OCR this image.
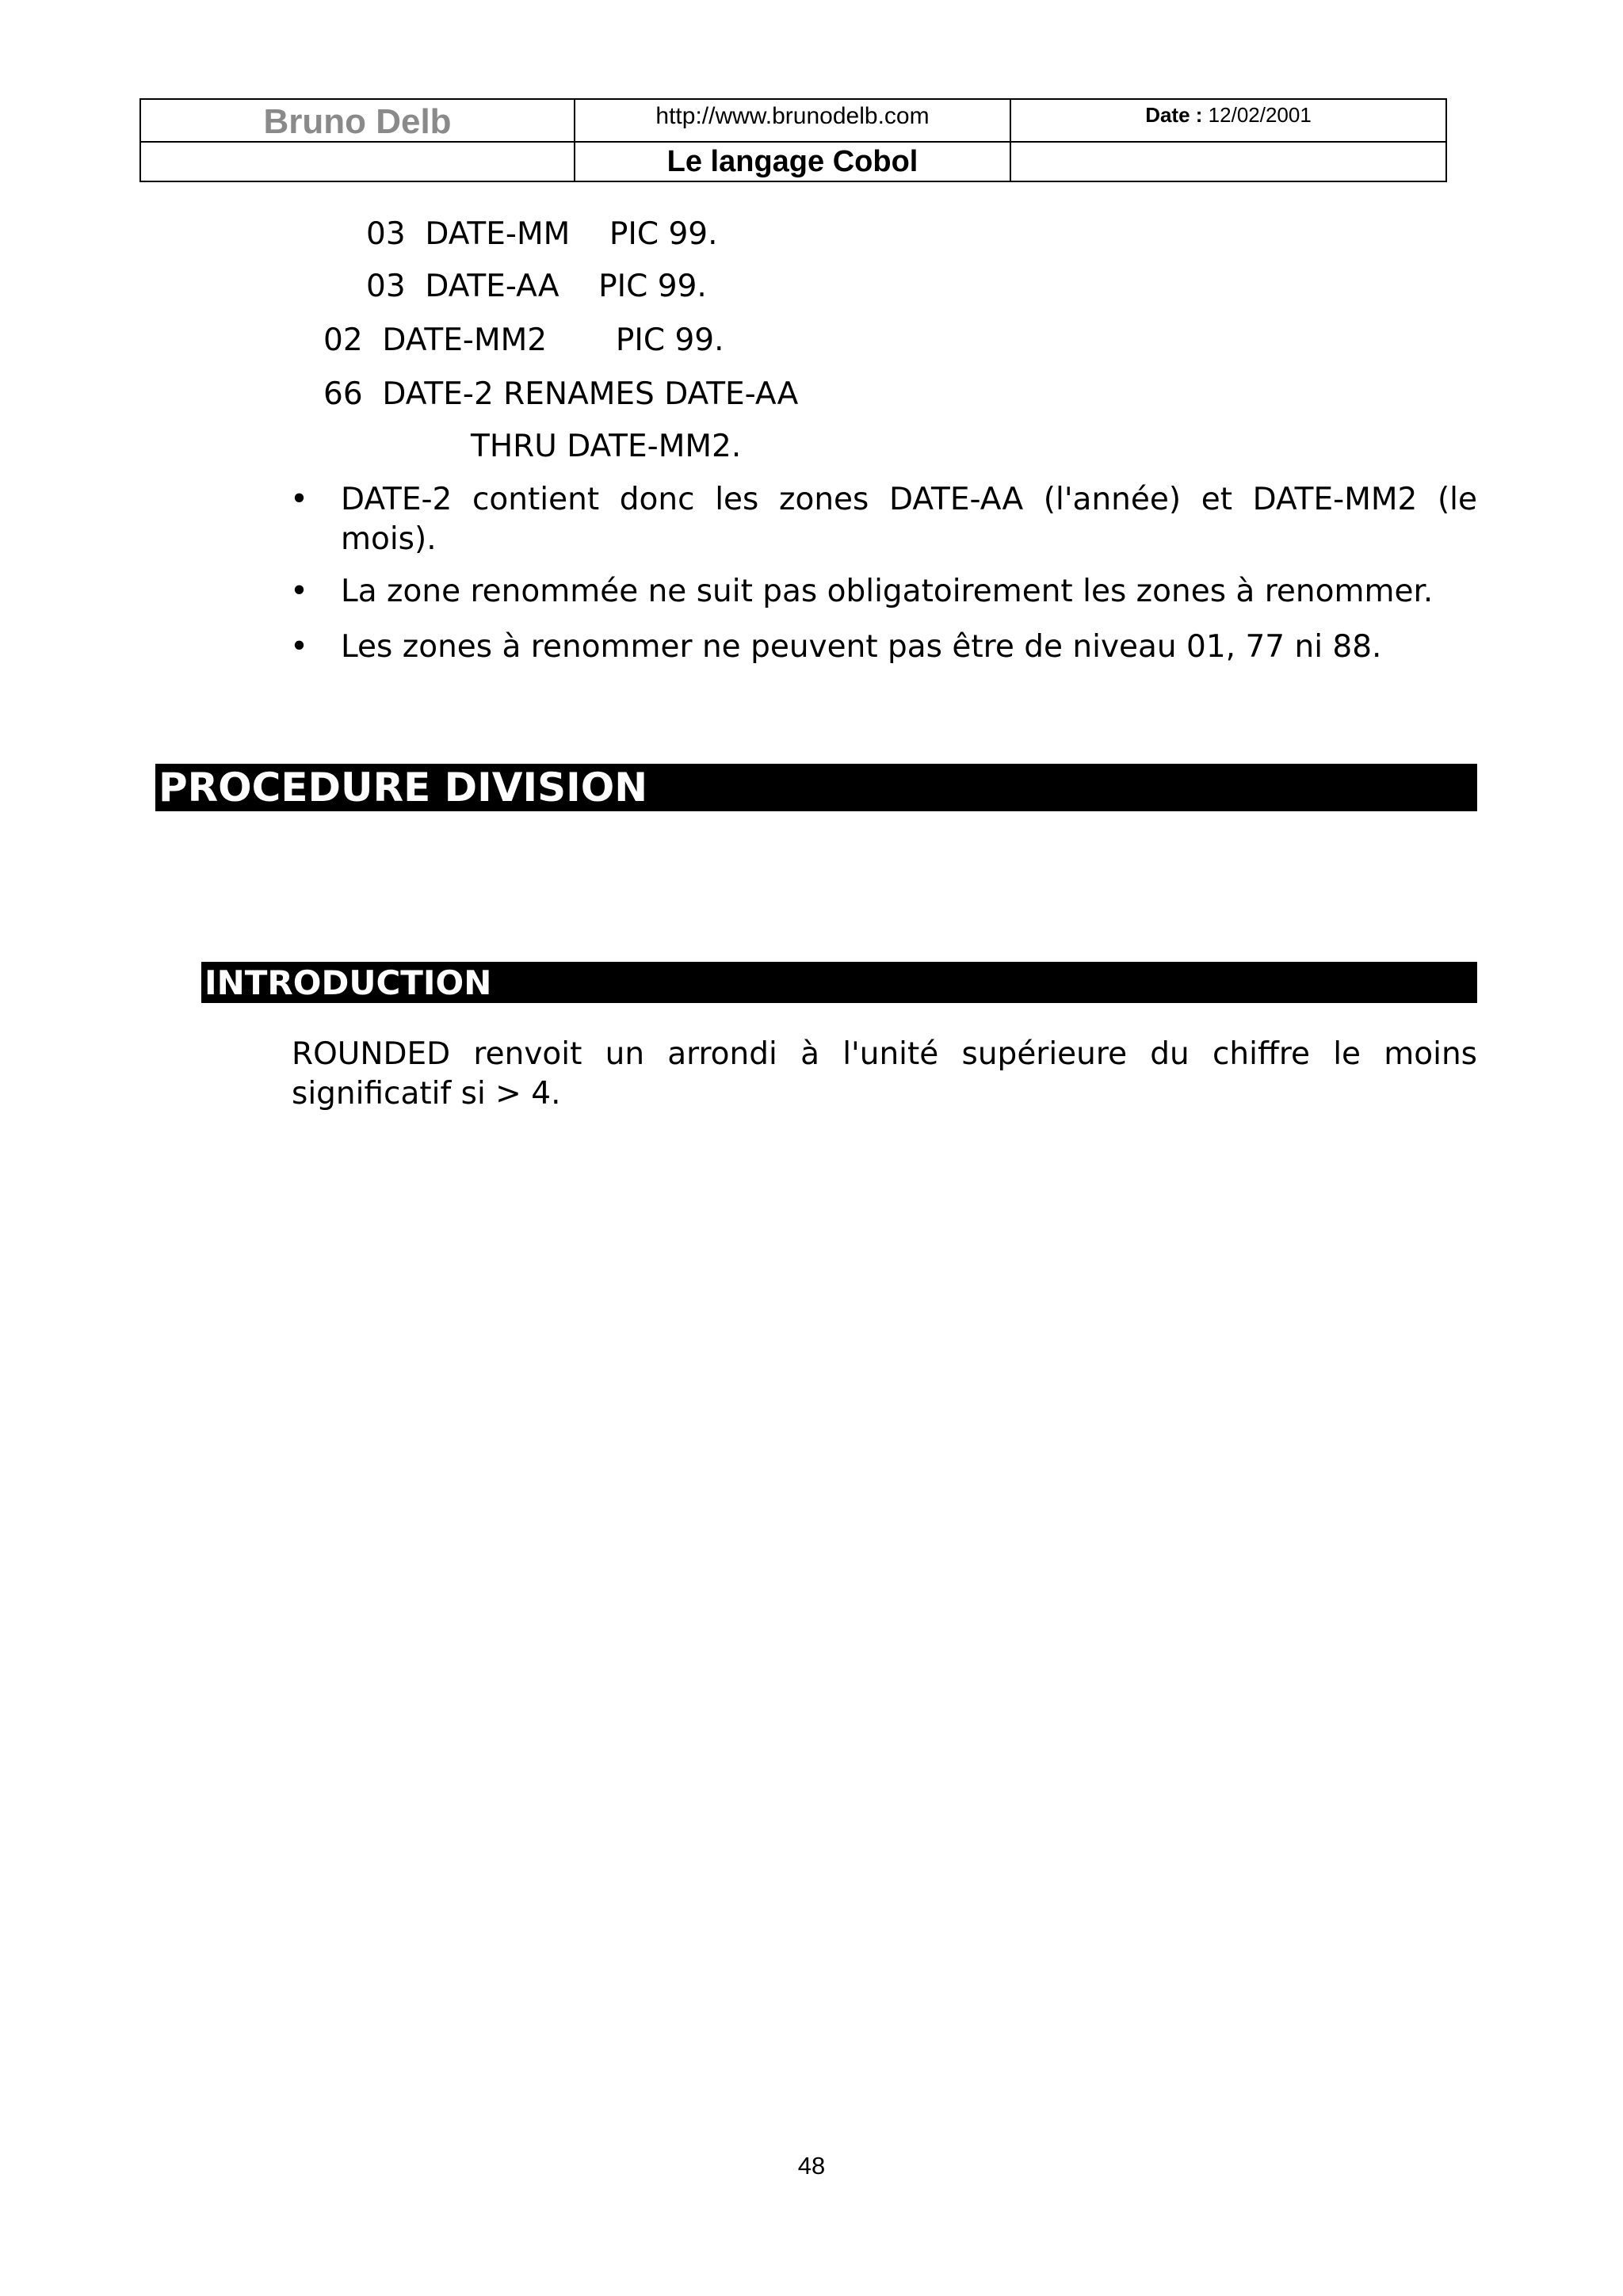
Bruno Delb	http://www.brunodelb.com	Date :
12/02/2001
Le langage Cobol
03  DATE-MM    PIC 99.
03  DATE-AA    PIC 99.
02  DATE-MM2       PIC 99.
66  DATE-2 RENAMES DATE-AA
THRU DATE-MM2.
• DATE-2 contient donc les zones DATE-AA (l'année) et DATE-MM2 (le mois).
• La zone renommée ne suit pas obligatoirement les zones à renommer.
• Les zones à renommer ne peuvent pas être de niveau 01, 77 ni 88.
PROCEDURE DIVISION
INTRODUCTION
ROUNDED renvoit un arrondi à l'unité supérieure du chiffre le moins significatif si > 4.
48
